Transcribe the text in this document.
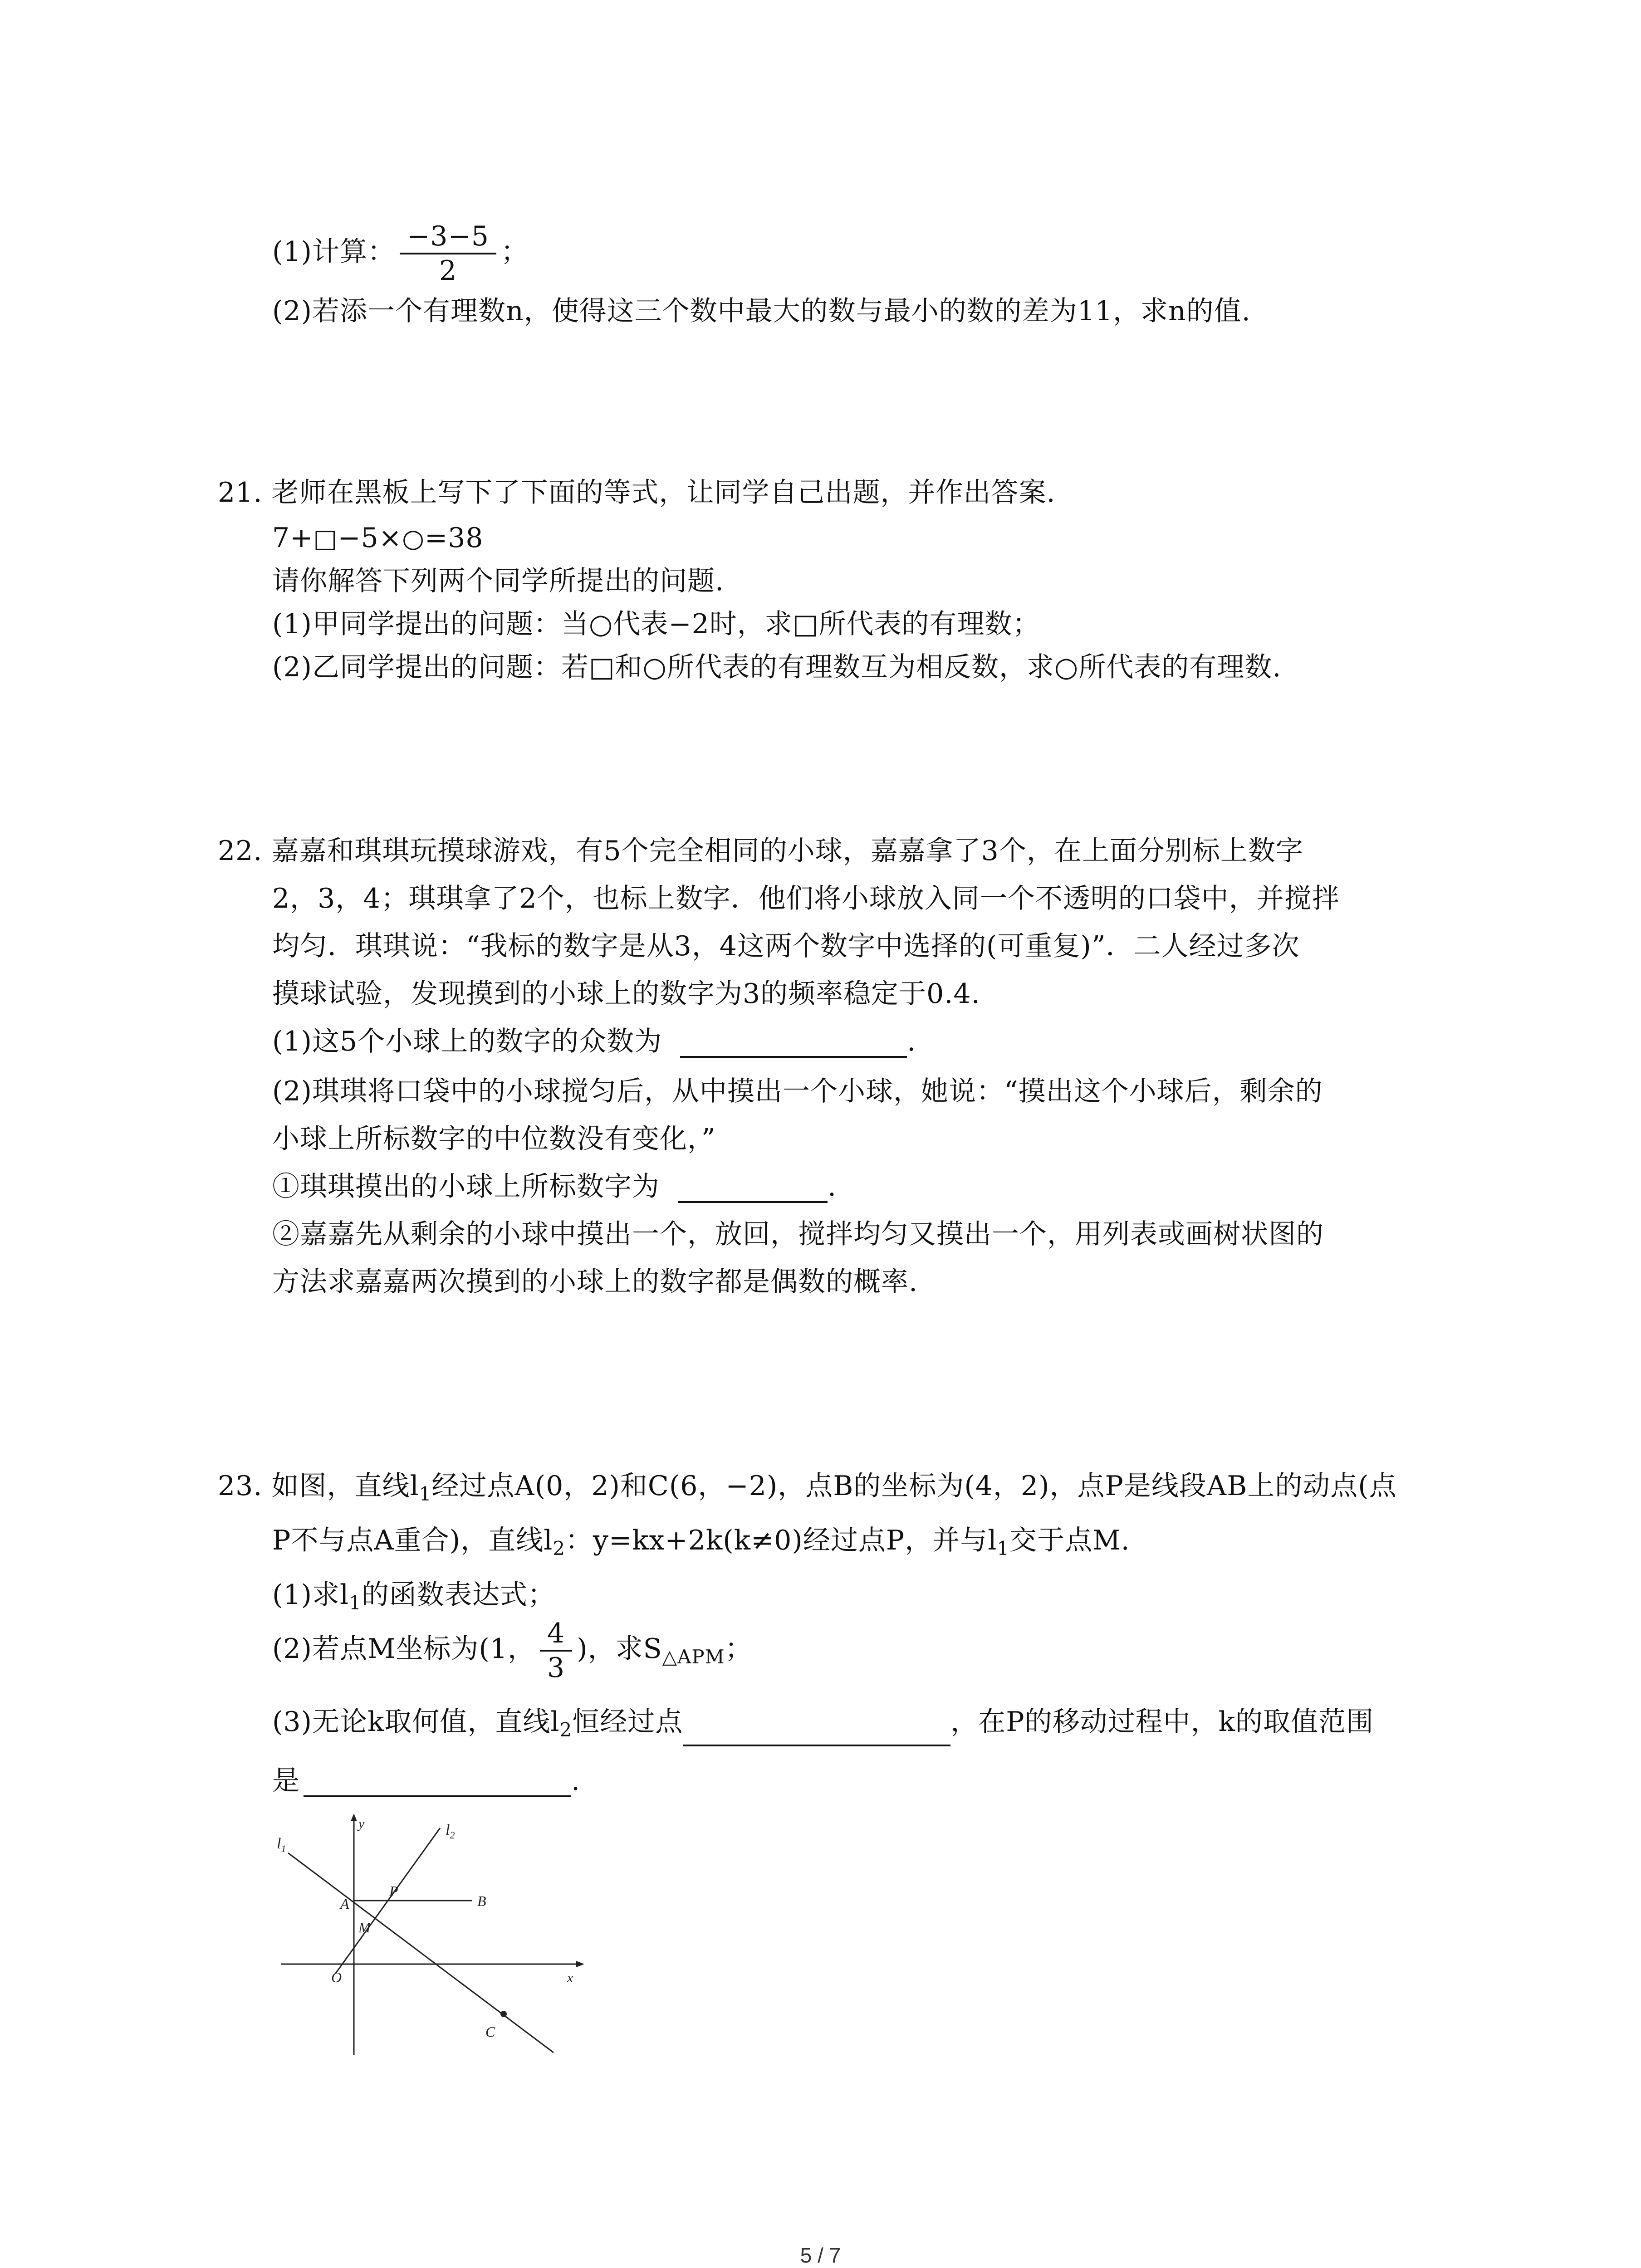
(1)计算： $\frac{-3-5}{2}$ ；
(2)若添一个有理数n，使得这三个数中最大的数与最小的数的差为11，求n的值.
21. 老师在黑板上写下了下面的等式，让同学自己出题，并作出答案.
7+□−5×○=38
请你解答下列两个同学所提出的问题.
(1)甲同学提出的问题：当○代表−2时，求□所代表的有理数；
(2)乙同学提出的问题：若□和○所代表的有理数互为相反数，求○所代表的有理数.
22. 嘉嘉和琪琪玩摸球游戏，有5个完全相同的小球，嘉嘉拿了3个，在上面分别标上数字
2，3，4；琪琪拿了2个，也标上数字．他们将小球放入同一个不透明的口袋中，并搅拌
均匀．琪琪说：“我标的数字是从3，4这两个数字中选择的(可重复)”．二人经过多次
摸球试验，发现摸到的小球上的数字为3的频率稳定于0.4.
(1)这5个小球上的数字的众数为	.
(2)琪琪将口袋中的小球搅匀后，从中摸出一个小球，她说：“摸出这个小球后，剩余的
小球上所标数字的中位数没有变化，”
①琪琪摸出的小球上所标数字为	.
②嘉嘉先从剩余的小球中摸出一个，放回，搅拌均匀又摸出一个，用列表或画树状图的
方法求嘉嘉两次摸到的小球上的数字都是偶数的概率.
23. 如图，直线$l_1$经过点A(0，2)和C(6，−2)，点B的坐标为(4，2)，点P是线段AB上的动点(点
P不与点A重合)，直线$l_2$：y=kx+2k(k≠0)经过点P，并与$l_1$交于点M.
(1)求$l_1$的函数表达式；
(2)若点M坐标为(1， $\frac{4}{3}$ )，求$S_{\triangle APM}$；
(3)无论k取何值，直线$l_2$恒经过点	，在P的移动过程中，k的取值范围
是	.
$l_1$
$l_2$
y
x
A
P
B
M
O
C
5 / 7
